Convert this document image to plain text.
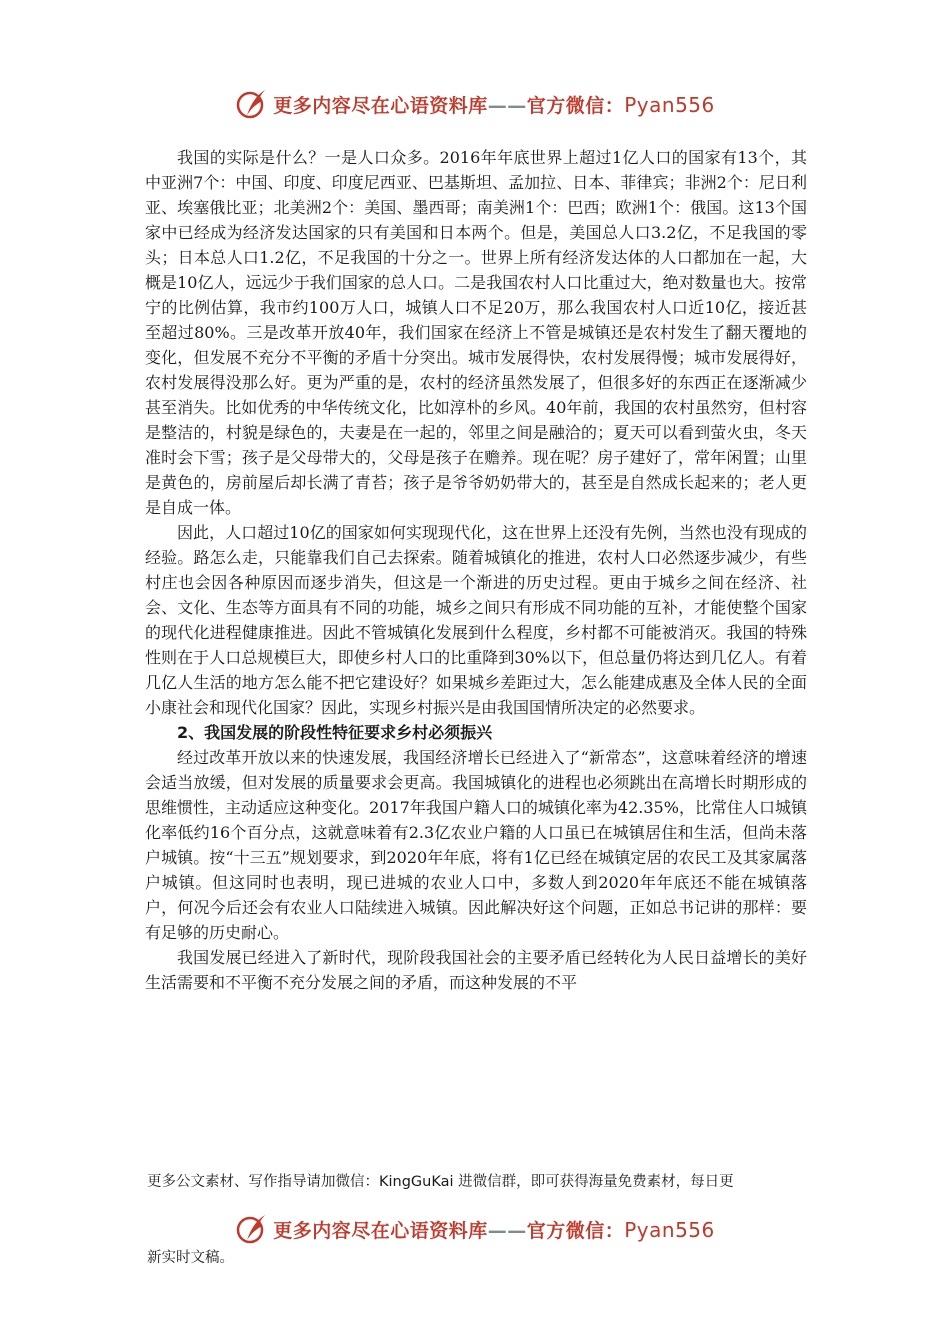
更多内容尽在心语资料库——官方微信：Pyan556

我国的实际是什么？一是人口众多。2016年年底世界上超过1亿人口的国家有13个，其中亚洲7个：中国、印度、印度尼西亚、巴基斯坦、孟加拉、日本、菲律宾；非洲2个：尼日利亚、埃塞俄比亚；北美洲2个：美国、墨西哥；南美洲1个：巴西；欧洲1个：俄国。这13个国家中已经成为经济发达国家的只有美国和日本两个。但是，美国总人口3.2亿，不足我国的零头；日本总人口1.2亿，不足我国的十分之一。世界上所有经济发达体的人口都加在一起，大概是10亿人，远远少于我们国家的总人口。二是我国农村人口比重过大，绝对数量也大。按常宁的比例估算，我市约100万人口，城镇人口不足20万，那么我国农村人口近10亿，接近甚至超过80%。三是改革开放40年，我们国家在经济上不管是城镇还是农村发生了翻天覆地的变化，但发展不充分不平衡的矛盾十分突出。城市发展得快，农村发展得慢；城市发展得好，农村发展得没那么好。更为严重的是，农村的经济虽然发展了，但很多好的东西正在逐渐减少甚至消失。比如优秀的中华传统文化，比如淳朴的乡风。40年前，我国的农村虽然穷，但村容是整洁的，村貌是绿色的，夫妻是在一起的，邻里之间是融洽的；夏天可以看到萤火虫，冬天准时会下雪；孩子是父母带大的，父母是孩子在赡养。现在呢？房子建好了，常年闲置；山里是黄色的，房前屋后却长满了青苔；孩子是爷爷奶奶带大的，甚至是自然成长起来的；老人更是自成一体。

因此，人口超过10亿的国家如何实现现代化，这在世界上还没有先例，当然也没有现成的经验。路怎么走，只能靠我们自己去探索。随着城镇化的推进，农村人口必然逐步减少，有些村庄也会因各种原因而逐步消失，但这是一个渐进的历史过程。更由于城乡之间在经济、社会、文化、生态等方面具有不同的功能，城乡之间只有形成不同功能的互补，才能使整个国家的现代化进程健康推进。因此不管城镇化发展到什么程度，乡村都不可能被消灭。我国的特殊性则在于人口总规模巨大，即使乡村人口的比重降到30%以下，但总量仍将达到几亿人。有着几亿人生活的地方怎么能不把它建设好？如果城乡差距过大，怎么能建成惠及全体人民的全面小康社会和现代化国家？因此，实现乡村振兴是由我国国情所决定的必然要求。

2、我国发展的阶段性特征要求乡村必须振兴

经过改革开放以来的快速发展，我国经济增长已经进入了“新常态”，这意味着经济的增速会适当放缓，但对发展的质量要求会更高。我国城镇化的进程也必须跳出在高增长时期形成的思维惯性，主动适应这种变化。2017年我国户籍人口的城镇化率为42.35%，比常住人口城镇化率低约16个百分点，这就意味着有2.3亿农业户籍的人口虽已在城镇居住和生活，但尚未落户城镇。按“十三五”规划要求，到2020年年底，将有1亿已经在城镇定居的农民工及其家属落户城镇。但这同时也表明，现已进城的农业人口中，多数人到2020年年底还不能在城镇落户，何况今后还会有农业人口陆续进入城镇。因此解决好这个问题，正如总书记讲的那样：要有足够的历史耐心。

我国发展已经进入了新时代，现阶段我国社会的主要矛盾已经转化为人民日益增长的美好生活需要和不平衡不充分发展之间的矛盾，而这种发展的不平

更多公文素材、写作指导请加微信：KingGuKai 进微信群，即可获得海量免费素材，每日更
更多内容尽在心语资料库——官方微信：Pyan556
新实时文稿。
